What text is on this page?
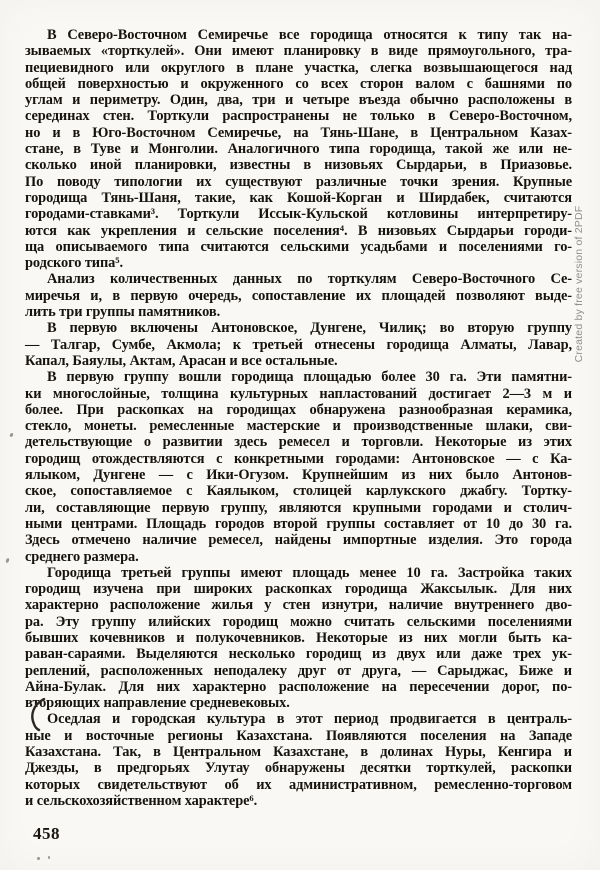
В Северо-Восточном Семиречье все городища относятся к типу так на-
зываемых «торткулей». Они имеют планировку в виде прямоугольного, тра-
пециевидного или округлого в плане участка, слегка возвышающегося над
общей поверхностью и окруженного со всех сторон валом с башнями по
углам и периметру. Один, два, три и четыре въезда обычно расположены в
серединах стен. Торткули распространены не только в Северо-Восточном,
но и в Юго-Восточном Семиречье, на Тянь-Шане, в Центральном Казах-
стане, в Туве и Монголии. Аналогичного типа городища, такой же или не-
сколько иной планировки, известны в низовьях Сырдарьи, в Приазовье.
По поводу типологии их существуют различные точки зрения. Крупные
городища Тянь-Шаня, такие, как Кошой-Корган и Ширдабек, считаются
городами-ставками³. Торткули Иссык-Кульской котловины интерпретиру-
ются как укрепления и сельские поселения⁴. В низовьях Сырдарьи городи-
ща описываемого типа считаются сельскими усадьбами и поселениями го-
родского типа⁵.
Анализ количественных данных по торткулям Северо-Восточного Се-
миречья и, в первую очередь, сопоставление их площадей позволяют выде-
лить три группы памятников.
В первую включены Антоновское, Дунгене, Чилиқ; во вторую группу
— Талгар, Сумбе, Акмола; к третьей отнесены городища Алматы, Лавар,
Капал, Баяулы, Актам, Арасан и все остальные.
В первую группу вошли городища площадью более 30 га. Эти памятни-
ки многослойные, толщина культурных напластований достигает 2—3 м и
более. При раскопках на городищах обнаружена разнообразная керамика,
стекло, монеты. ремесленные мастерские и производственные шлаки, сви-
детельствующие о развитии здесь ремесел и торговли. Некоторые из этих
городищ отождествляются с конкретными городами: Антоновское — с Ка-
ялыком, Дунгене — с Ики-Огузом. Крупнейшим из них было Антонов-
ское, сопоставляемое с Каялыком, столицей карлукского джабгу. Тортку-
ли, составляющие первую группу, являются крупными городами и столич-
ными центрами. Площадь городов второй группы составляет от 10 до 30 га.
Здесь отмечено наличие ремесел, найдены импортные изделия. Это города
среднего размера.
Городища третьей группы имеют площадь менее 10 га. Застройка таких
городищ изучена при широких раскопках городища Жаксылык. Для них
характерно расположение жилья у стен изнутри, наличие внутреннего дво-
ра. Эту группу илийских городищ можно считать сельскими поселениями
бывших кочевников и полукочевников. Некоторые из них могли быть ка-
раван-сараями. Выделяются несколько городищ из двух или даже трех ук-
реплений, расположенных неподалеку друг от друга, — Сарыджас, Биже и
Айна-Булак. Для них характерно расположение на пересечении дорог, по-
вторяющих направление средневековых.
Оседлая и городская культура в этот период продвигается в централь-
ные и восточные регионы Казахстана. Появляются поселения на Западе
Казахстана. Так, в Центральном Казахстане, в долинах Нуры, Кенгира и
Джезды, в предгорьях Улутау обнаружены десятки торткулей, раскопки
которых свидетельствуют об их административном, ремесленно-торговом
и сельскохозяйственном характере⁶.
458
Created by free version of 2PDF
